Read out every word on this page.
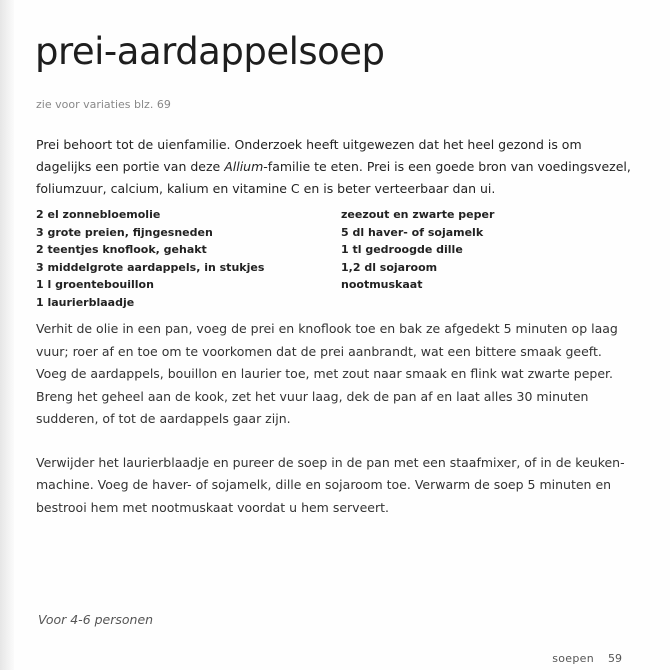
prei-aardappelsoep
zie voor variaties blz. 69

Prei behoort tot de uienfamilie. Onderzoek heeft uitgewezen dat het heel gezond is om dagelijks een portie van deze Allium-familie te eten. Prei is een goede bron van voedingsvezel, foliumzuur, calcium, kalium en vitamine C en is beter verteerbaar dan ui.

2 el zonnebloemolie
3 grote preien, fijngesneden
2 teentjes knoflook, gehakt
3 middelgrote aardappels, in stukjes
1 l groentebouillon
1 laurierblaadje
zeezout en zwarte peper
5 dl haver- of sojamelk
1 tl gedroogde dille
1,2 dl sojaroom
nootmuskaat

Verhit de olie in een pan, voeg de prei en knoflook toe en bak ze afgedekt 5 minuten op laag vuur; roer af en toe om te voorkomen dat de prei aanbrandt, wat een bittere smaak geeft. Voeg de aardappels, bouillon en laurier toe, met zout naar smaak en flink wat zwarte peper. Breng het geheel aan de kook, zet het vuur laag, dek de pan af en laat alles 30 minuten sudderen, of tot de aardappels gaar zijn.

Verwijder het laurierblaadje en pureer de soep in de pan met een staafmixer, of in de keuken-machine. Voeg de haver- of sojamelk, dille en sojaroom toe. Verwarm de soep 5 minuten en bestrooi hem met nootmuskaat voordat u hem serveert.

Voor 4-6 personen
soepen 59
